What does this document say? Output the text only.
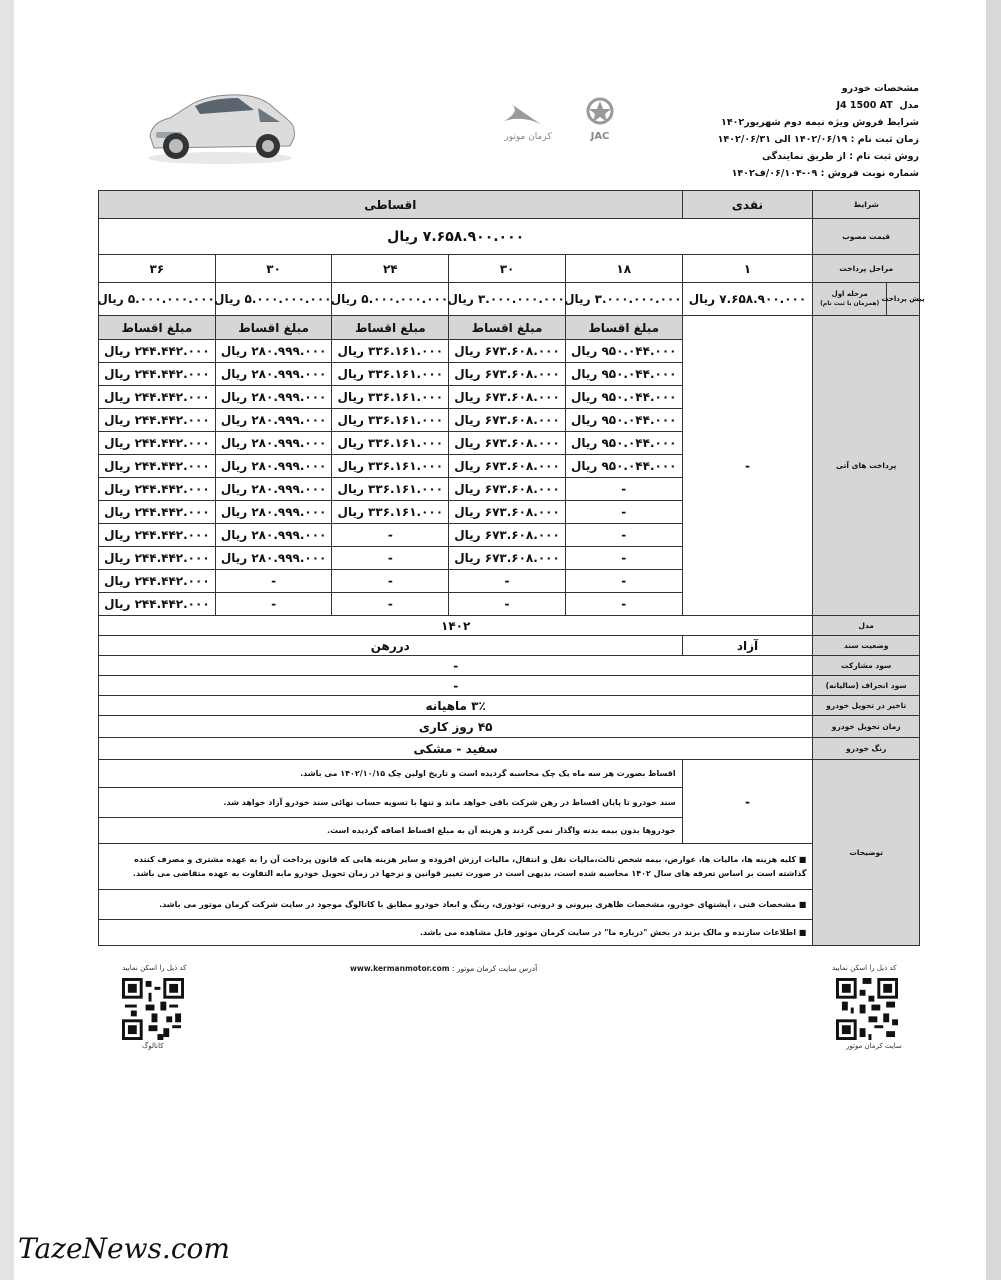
مشخصات خودرو
مدل  J4 1500 AT
شرایط فروش ویژه نیمه دوم شهریور۱۴۰۲
زمان ثبت نام : ۱۴۰۲/۰۶/۱۹ الی ۱۴۰۲/۰۶/۳۱
روش ثبت نام : از طریق نمایندگی
شماره نوبت فروش : ۰۹-۰۶/۱۰۴/ف۱۴۰۲
JAC
کرمان موتور
شرایط	نقدی	اقساطی				
قیمت مصوب	۷.۶۵۸.۹۰۰.۰۰۰ ریال					
مراحل پرداخت	۱	۱۸	۳۰	۲۴	۳۰	۳۶

پیش پرداخت
مرحله اول
(همزمان با ثبت نام)	۷.۶۵۸.۹۰۰.۰۰۰ ریال	۳.۰۰۰.۰۰۰.۰۰۰ ریال	۳.۰۰۰.۰۰۰.۰۰۰ ریال	۵.۰۰۰.۰۰۰.۰۰۰ ریال	۵.۰۰۰.۰۰۰.۰۰۰ ریال	۵.۰۰۰.۰۰۰.۰۰۰ ریال
پرداخت های آتی	-	مبلغ اقساط	مبلغ اقساط	مبلغ اقساط	مبلغ اقساط	مبلغ اقساط
		۹۵۰.۰۴۴.۰۰۰ ریال	۶۷۳.۶۰۸.۰۰۰ ریال	۳۳۶.۱۶۱.۰۰۰ ریال	۲۸۰.۹۹۹.۰۰۰ ریال	۲۴۴.۴۴۲.۰۰۰ ریال
		۹۵۰.۰۴۴.۰۰۰ ریال	۶۷۳.۶۰۸.۰۰۰ ریال	۳۳۶.۱۶۱.۰۰۰ ریال	۲۸۰.۹۹۹.۰۰۰ ریال	۲۴۴.۴۴۲.۰۰۰ ریال
		۹۵۰.۰۴۴.۰۰۰ ریال	۶۷۳.۶۰۸.۰۰۰ ریال	۳۳۶.۱۶۱.۰۰۰ ریال	۲۸۰.۹۹۹.۰۰۰ ریال	۲۴۴.۴۴۲.۰۰۰ ریال
		۹۵۰.۰۴۴.۰۰۰ ریال	۶۷۳.۶۰۸.۰۰۰ ریال	۳۳۶.۱۶۱.۰۰۰ ریال	۲۸۰.۹۹۹.۰۰۰ ریال	۲۴۴.۴۴۲.۰۰۰ ریال
		۹۵۰.۰۴۴.۰۰۰ ریال	۶۷۳.۶۰۸.۰۰۰ ریال	۳۳۶.۱۶۱.۰۰۰ ریال	۲۸۰.۹۹۹.۰۰۰ ریال	۲۴۴.۴۴۲.۰۰۰ ریال
		۹۵۰.۰۴۴.۰۰۰ ریال	۶۷۳.۶۰۸.۰۰۰ ریال	۳۳۶.۱۶۱.۰۰۰ ریال	۲۸۰.۹۹۹.۰۰۰ ریال	۲۴۴.۴۴۲.۰۰۰ ریال
		-	۶۷۳.۶۰۸.۰۰۰ ریال	۳۳۶.۱۶۱.۰۰۰ ریال	۲۸۰.۹۹۹.۰۰۰ ریال	۲۴۴.۴۴۲.۰۰۰ ریال
		-	۶۷۳.۶۰۸.۰۰۰ ریال	۳۳۶.۱۶۱.۰۰۰ ریال	۲۸۰.۹۹۹.۰۰۰ ریال	۲۴۴.۴۴۲.۰۰۰ ریال
		-	۶۷۳.۶۰۸.۰۰۰ ریال	-	۲۸۰.۹۹۹.۰۰۰ ریال	۲۴۴.۴۴۲.۰۰۰ ریال
		-	۶۷۳.۶۰۸.۰۰۰ ریال	-	۲۸۰.۹۹۹.۰۰۰ ریال	۲۴۴.۴۴۲.۰۰۰ ریال
		-	-	-	-	۲۴۴.۴۴۲.۰۰۰ ریال
		-	-	-	-	۲۴۴.۴۴۲.۰۰۰ ریال
مدل	۱۴۰۲					
وضعیت سند	آزاد	دررهن				
سود مشارکت	-					
سود انحراف (سالیانه)	-					
تاخیر در تحویل خودرو	۳٪ ماهیانه					
زمان تحویل خودرو	۴۵ روز کاری					
رنگ خودرو	سفید - مشکی					
توضیحات	-	اقساط بصورت هر سه ماه یک چک محاسبه گردیده است و تاریخ اولین چک ۱۴۰۲/۱۰/۱۵ می باشد.				
		سند خودرو تا پایان اقساط در رهن شرکت باقی خواهد ماند و تنها با تسویه حساب نهائی سند خودرو آزاد خواهد شد.				
		خودروها بدون بیمه بدنه واگذار نمی گردند و هزینه آن به مبلغ اقساط اضافه گردیده است.				
	■ کلیه هزینه ها، مالیات ها، عوارض، بیمه شخص ثالث،مالیات نقل و انتقال، مالیات ارزش افزوده و سایر هزینه هایی که قانون پرداخت آن را به عهده مشتری و مصرف کننده گذاشته است بر اساس تعرفه های سال ۱۴۰۲ محاسبه شده است، بدیهی است در صورت تغییر قوانین و نرخها در زمان تحویل خودرو مابه التفاوت به عهده متقاضی می باشد.					
	■ مشخصات فنی ، آپشنهای خودرو، مشخصات ظاهری بیرونی و درونی، تودوزی، رینگ و ابعاد خودرو مطابق با کاتالوگ موجود در سایت شرکت کرمان موتور می باشد.					
	■ اطلاعات سازنده و مالک برند در بخش "درباره ما" در سایت کرمان موتور قابل مشاهده می باشد.					
کد ذیل را اسکن نمایید
کاتالوگ
آدرس سایت کرمان موتور : www.kermanmotor.com	کد ذیل را اسکن نمایید
سایت کرمان موتور
TazeNews.com
